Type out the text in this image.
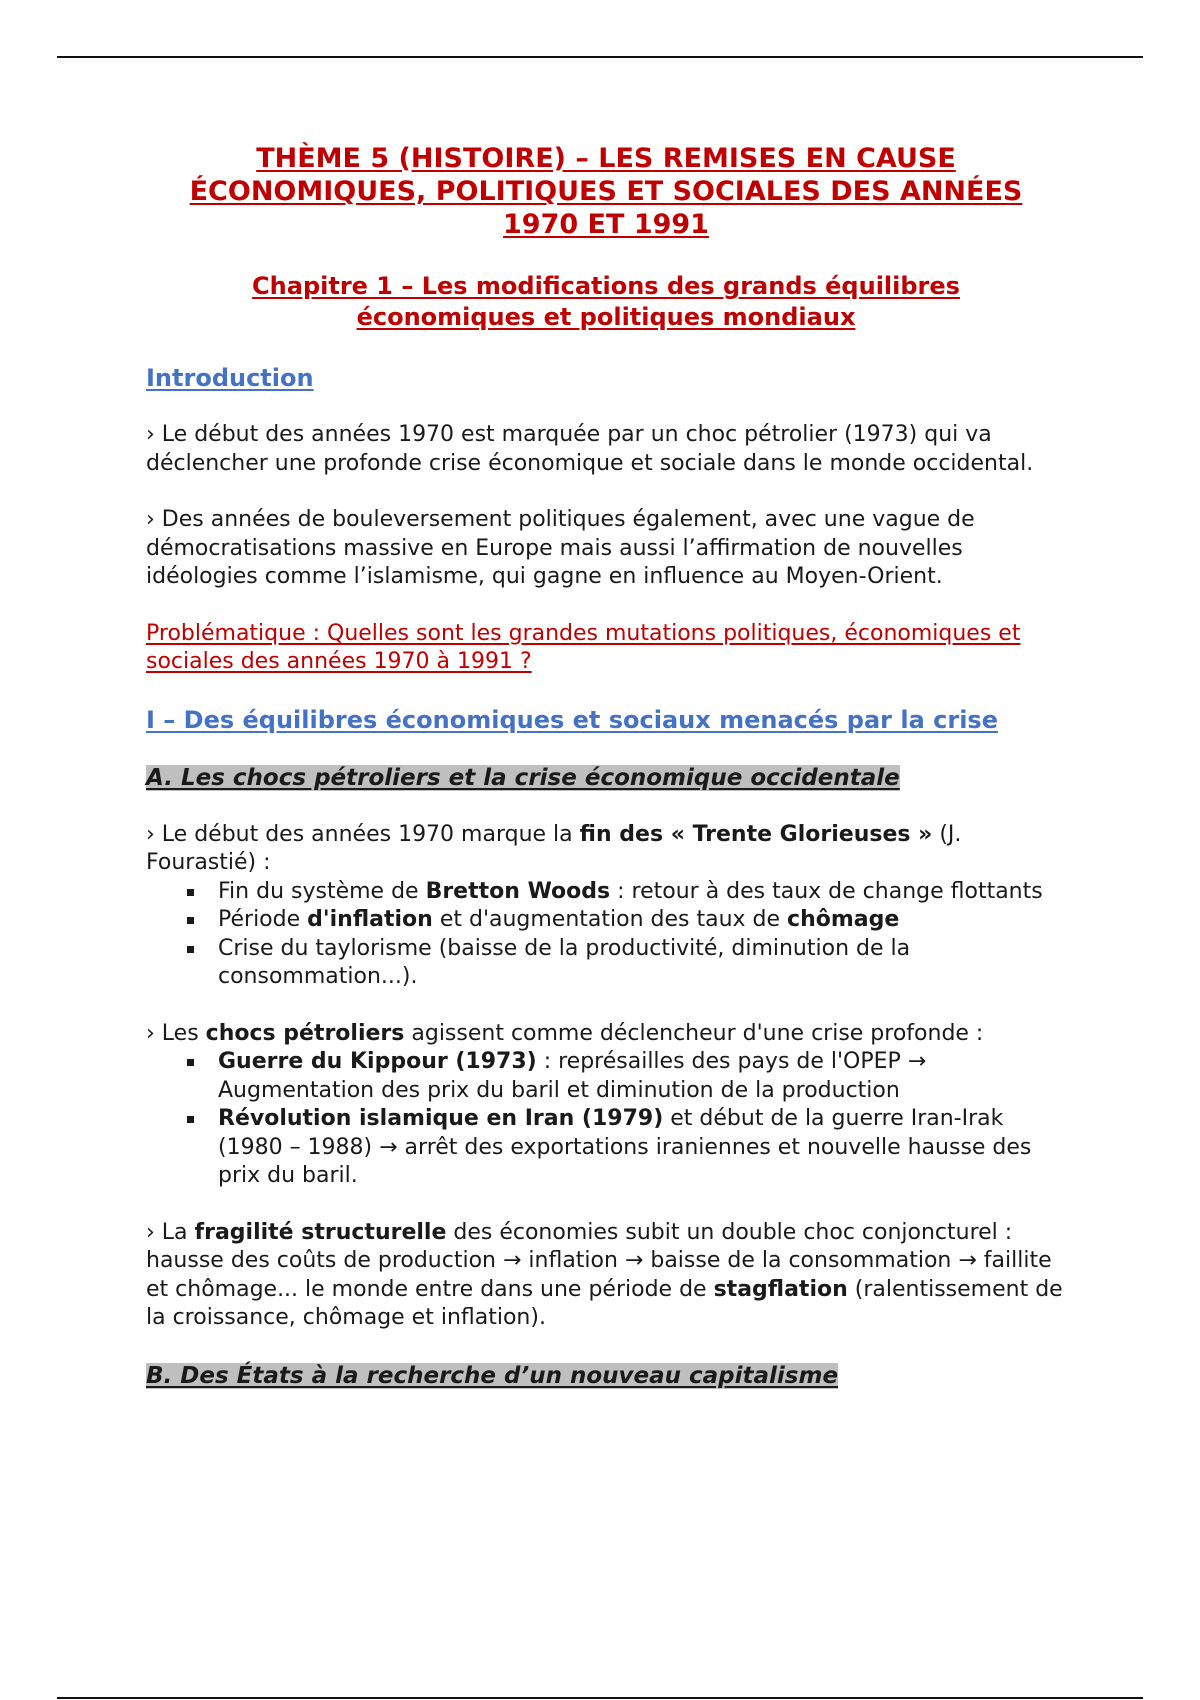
THÈME 5 (HISTOIRE) – LES REMISES EN CAUSE
ÉCONOMIQUES, POLITIQUES ET SOCIALES DES ANNÉES
1970 ET 1991
Chapitre 1 – Les modifications des grands équilibres
économiques et politiques mondiaux
Introduction

› Le début des années 1970 est marquée par un choc pétrolier (1973) qui va déclencher une profonde crise économique et sociale dans le monde occidental.

› Des années de bouleversement politiques également, avec une vague de démocratisations massive en Europe mais aussi l’affirmation de nouvelles idéologies comme l’islamisme, qui gagne en influence au Moyen-Orient.

Problématique : Quelles sont les grandes mutations politiques, économiques et sociales des années 1970 à 1991 ?

I – Des équilibres économiques et sociaux menacés par la crise
A. Les chocs pétroliers et la crise économique occidentale

› Le début des années 1970 marque la fin des « Trente Glorieuses » (J. Fourastié) :

Fin du système de Bretton Woods : retour à des taux de change flottants
Période d'inflation et d'augmentation des taux de chômage
Crise du taylorisme (baisse de la productivité, diminution de la consommation...).

› Les chocs pétroliers agissent comme déclencheur d'une crise profonde :

Guerre du Kippour (1973) : représailles des pays de l'OPEP → Augmentation des prix du baril et diminution de la production
Révolution islamique en Iran (1979) et début de la guerre Iran-Irak (1980 – 1988) → arrêt des exportations iraniennes et nouvelle hausse des prix du baril.

› La fragilité structurelle des économies subit un double choc conjoncturel : hausse des coûts de production → inflation → baisse de la consommation → faillite et chômage... le monde entre dans une période de stagflation (ralentissement de la croissance, chômage et inflation).

B. Des États à la recherche d’un nouveau capitalisme
